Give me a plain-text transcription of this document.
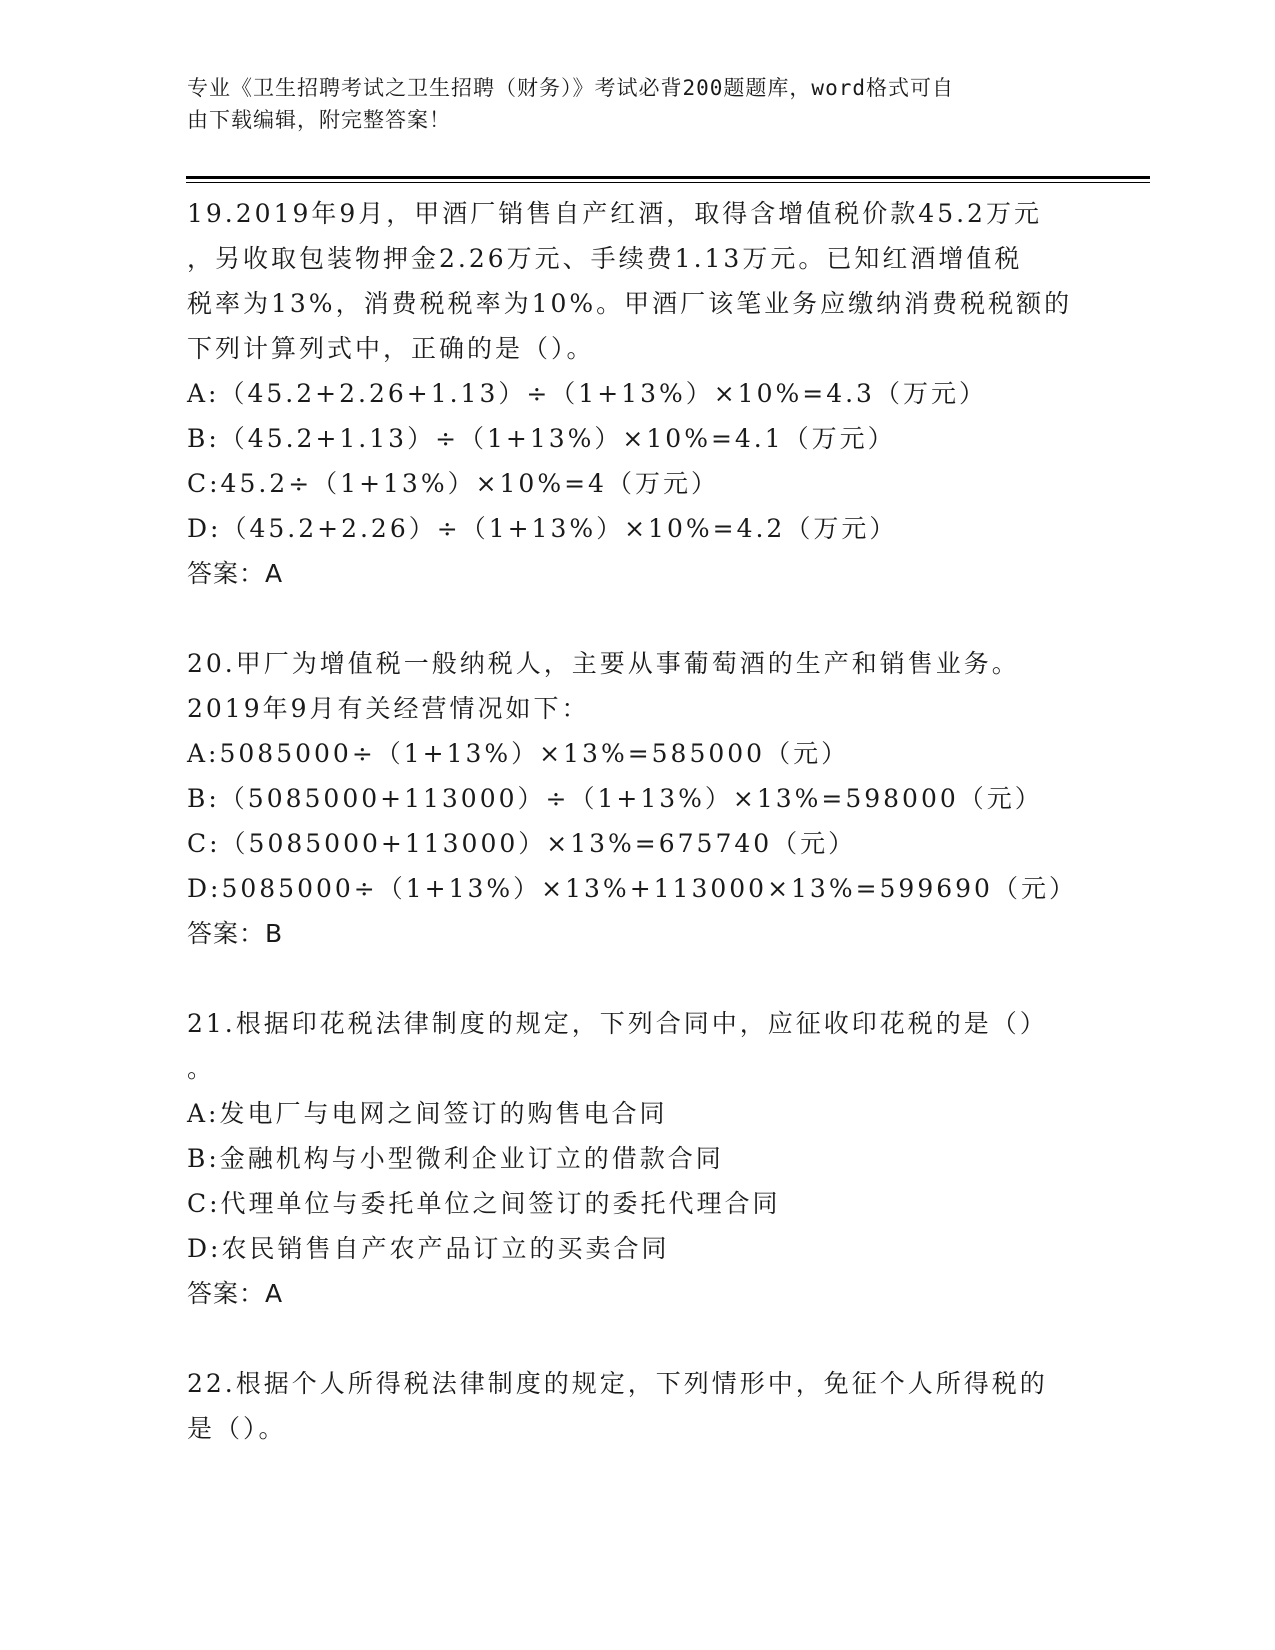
专业《卫生招聘考试之卫生招聘（财务）》考试必背200题题库，word格式可自
由下载编辑，附完整答案！

19.2019年9月，甲酒厂销售自产红酒，取得含增值税价款45.2万元

，另收取包装物押金2.26万元、手续费1.13万元。已知红酒增值税

税率为13%，消费税税率为10%。甲酒厂该笔业务应缴纳消费税税额的

下列计算列式中，正确的是（）。

A:（45.2+2.26+1.13）÷（1+13%）×10%=4.3（万元）

B:（45.2+1.13）÷（1+13%）×10%=4.1（万元）

C:45.2÷（1+13%）×10%=4（万元）

D:（45.2+2.26）÷（1+13%）×10%=4.2（万元）

答案：A

20.甲厂为增值税一般纳税人，主要从事葡萄酒的生产和销售业务。

2019年9月有关经营情况如下：

A:5085000÷（1+13%）×13%=585000（元）

B:（5085000+113000）÷（1+13%）×13%=598000（元）

C:（5085000+113000）×13%=675740（元）

D:5085000÷（1+13%）×13%+113000×13%=599690（元）

答案：B

21.根据印花税法律制度的规定，下列合同中，应征收印花税的是（）

。

A:发电厂与电网之间签订的购售电合同

B:金融机构与小型微利企业订立的借款合同

C:代理单位与委托单位之间签订的委托代理合同

D:农民销售自产农产品订立的买卖合同

答案：A

22.根据个人所得税法律制度的规定，下列情形中，免征个人所得税的

是（）。
